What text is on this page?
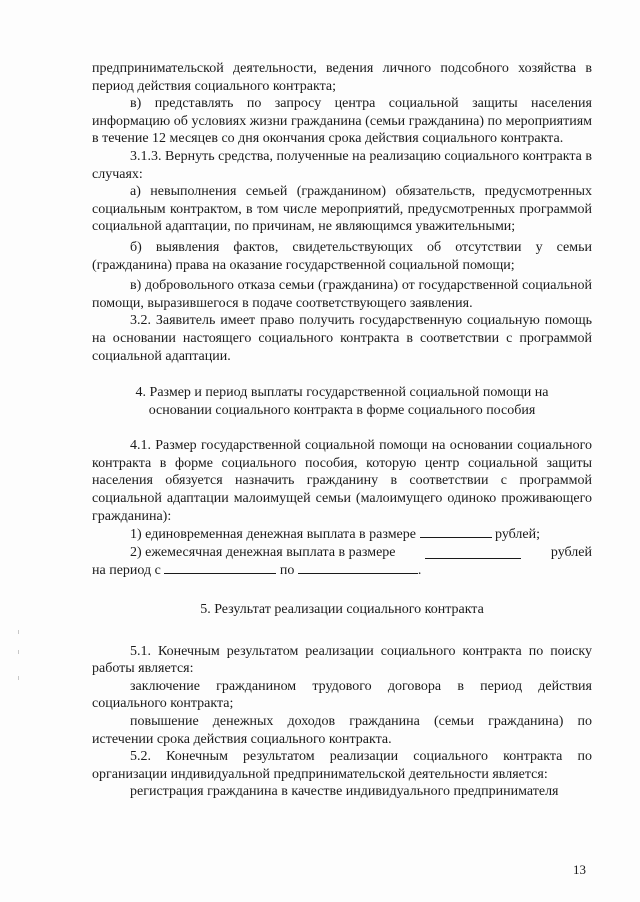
предпринимательской деятельности, ведения личного подсобного хозяйства в период действия социального контракта;

в) представлять по запросу центра социальной защиты населения информацию об условиях жизни гражданина (семьи гражданина) по мероприятиям в течение 12 месяцев со дня окончания срока действия социального контракта.

3.1.3. Вернуть средства, полученные на реализацию социального контракта в случаях:

а) невыполнения семьей (гражданином) обязательств, предусмотренных социальным контрактом, в том числе мероприятий, предусмотренных программой социальной адаптации, по причинам, не являющимся уважительными;

б) выявления фактов, свидетельствующих об отсутствии у семьи (гражданина) права на оказание государственной социальной помощи;

в) добровольного отказа семьи (гражданина) от государственной социальной помощи, выразившегося в подаче соответствующего заявления.

3.2. Заявитель имеет право получить государственную социальную помощь на основании настоящего социального контракта в соответствии с программой социальной адаптации.

4. Размер и период выплаты государственной социальной помощи на
основании социального контракта в форме социального пособия

4.1. Размер государственной социальной помощи на основании социального контракта в форме социального пособия, которую центр социальной защиты населения обязуется назначить гражданину в соответствии с программой социальной адаптации малоимущей семьи (малоимущего одиноко проживающего гражданина):

1) единовременная денежная выплата в размере	рублей;

2) ежемесячная денежная выплата в размере	рублей

на период с	по	.

5. Результат реализации социального контракта

5.1. Конечным результатом реализации социального контракта по поиску работы является:

заключение гражданином трудового договора в период действия социального контракта;

повышение денежных доходов гражданина (семьи гражданина) по истечении срока действия социального контракта.

5.2. Конечным результатом реализации социального контракта по организации индивидуальной предпринимательской деятельности является:

регистрация гражданина в качестве индивидуального предпринимателя

13
